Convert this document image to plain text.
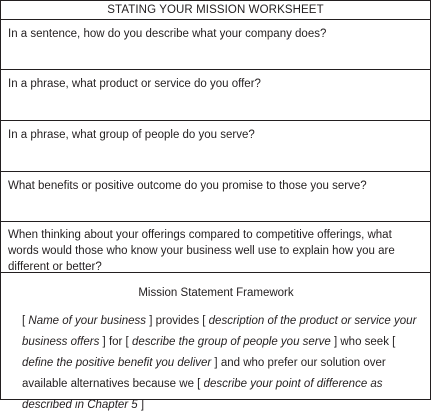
STATING YOUR MISSION WORKSHEET
In a sentence, how do you describe what your company does?
In a phrase, what product or service do you offer?
In a phrase, what group of people do you serve?
What benefits or positive outcome do you promise to those you serve?
When thinking about your offerings compared to competitive offerings, what words would those who know your business well use to explain how you are different or better?
Mission Statement Framework
[ Name of your business ] provides [ description of the product or service your business offers ] for [ describe the group of people you serve ] who seek [ define the positive benefit you deliver ] and who prefer our solution over available alternatives because we [ describe your point of difference as described in Chapter 5 ]
